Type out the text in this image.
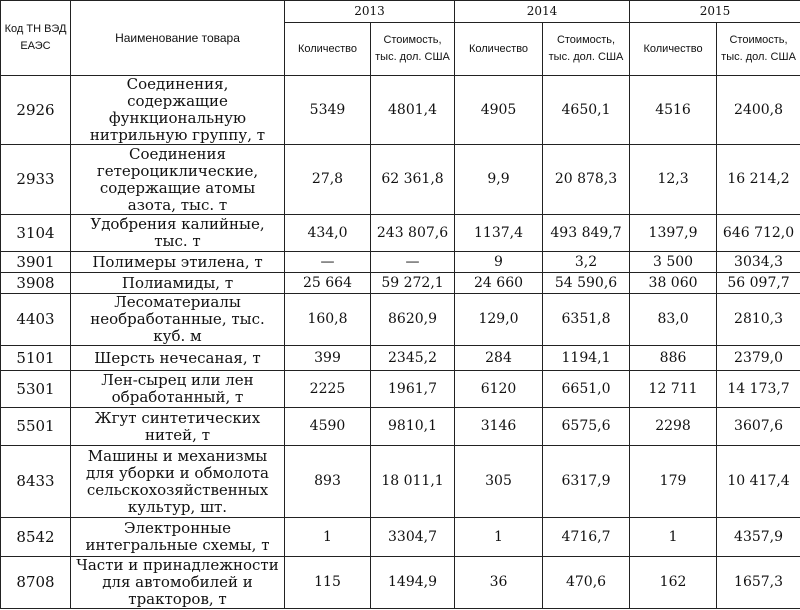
Код ТН ВЭД ЕАЭС	Наименование товара	2013		2014		2015	
		Количество	Стоимость, тыс. дол. США	Количество	Стоимость, тыс. дол. США	Количество	Стоимость, тыс. дол. США
2926	Соединения, содержащие функциональную нитрильную группу, т	5349	4801,4	4905	4650,1	4516	2400,8
2933	Соединения гетероциклические, содержащие атомы азота, тыс. т	27,8	62 361,8	9,9	20 878,3	12,3	16 214,2
3104	Удобрения калийные, тыс. т	434,0	243 807,6	1137,4	493 849,7	1397,9	646 712,0
3901	Полимеры этилена, т	—	—	9	3,2	3 500	3034,3
3908	Полиамиды, т	25 664	59 272,1	24 660	54 590,6	38 060	56 097,7
4403	Лесоматериалы необработанные, тыс. куб. м	160,8	8620,9	129,0	6351,8	83,0	2810,3
5101	Шерсть нечесаная, т	399	2345,2	284	1194,1	886	2379,0
5301	Лен-сырец или лен обработанный, т	2225	1961,7	6120	6651,0	12 711	14 173,7
5501	Жгут синтетических нитей, т	4590	9810,1	3146	6575,6	2298	3607,6
8433	Машины и механизмы для уборки и обмолота сельскохозяйственных культур, шт.	893	18 011,1	305	6317,9	179	10 417,4
8542	Электронные интегральные схемы, т	1	3304,7	1	4716,7	1	4357,9
8708	Части и принадлежности для автомобилей и тракторов, т	115	1494,9	36	470,6	162	1657,3
